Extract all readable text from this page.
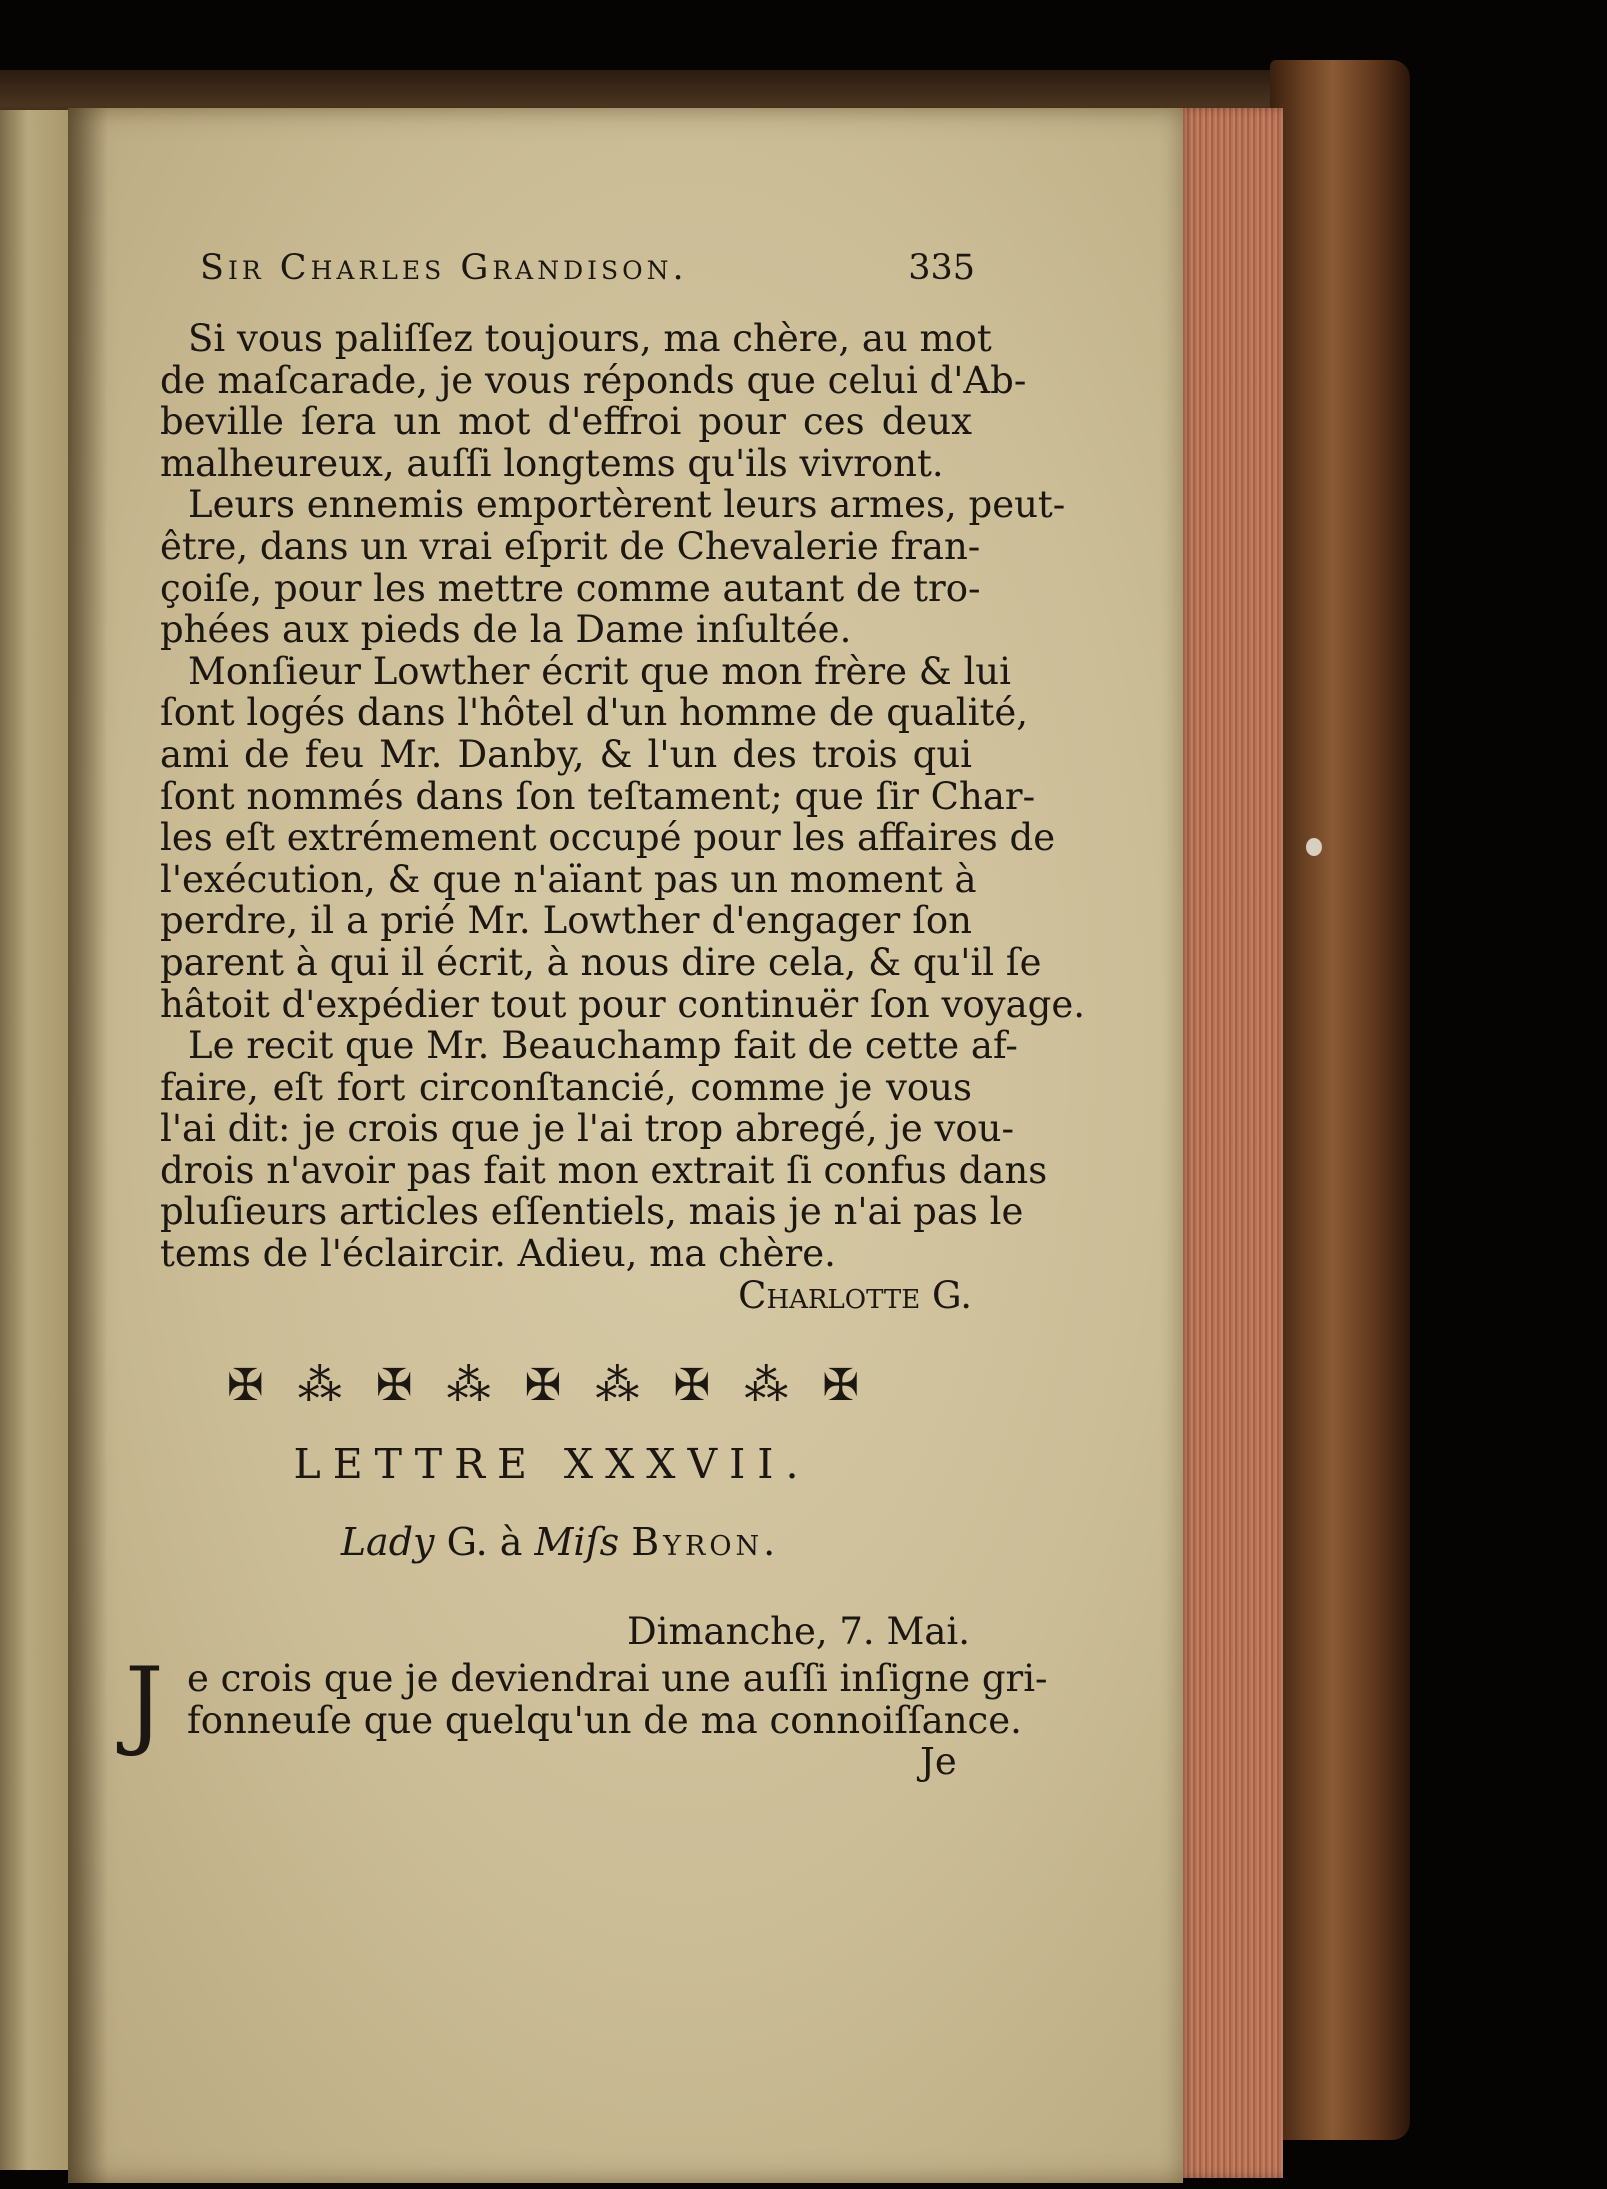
Sir Charles Grandison.	335
Si vous paliſſez toujours, ma chère, au mot
de maſcarade, je vous réponds que celui d'Ab-
beville ſera un mot d'effroi pour ces deux
malheureux, auſſi longtems qu'ils vivront.
Leurs ennemis emportèrent leurs armes, peut-
être, dans un vrai eſprit de Chevalerie fran-
çoiſe, pour les mettre comme autant de tro-
phées aux pieds de la Dame inſultée.
Monſieur Lowther écrit que mon frère & lui
ſont logés dans l'hôtel d'un homme de qualité,
ami de feu Mr. Danby, & l'un des trois qui
ſont nommés dans ſon teſtament; que ſir Char-
les eſt extrémement occupé pour les affaires de
l'exécution, & que n'aïant pas un moment à
perdre, il a prié Mr. Lowther d'engager ſon
parent à qui il écrit, à nous dire cela, & qu'il ſe
hâtoit d'expédier tout pour continuër ſon voyage.
Le recit que Mr. Beauchamp fait de cette af-
faire, eſt fort circonſtancié, comme je vous
l'ai dit: je crois que je l'ai trop abregé, je vou-
drois n'avoir pas fait mon extrait ſi confus dans
pluſieurs articles eſſentiels, mais je n'ai pas le
tems de l'éclaircir. Adieu, ma chère.
Charlotte G.
✠ ⁂ ✠ ⁂ ✠ ⁂ ✠ ⁂ ✠
LETTRE XXXVII.
Lady G. à Miſs Byron.
Dimanche, 7. Mai.
J e crois que je deviendrai une auſſi inſigne gri-
fonneuſe que quelqu'un de ma connoiſſance.
Je
